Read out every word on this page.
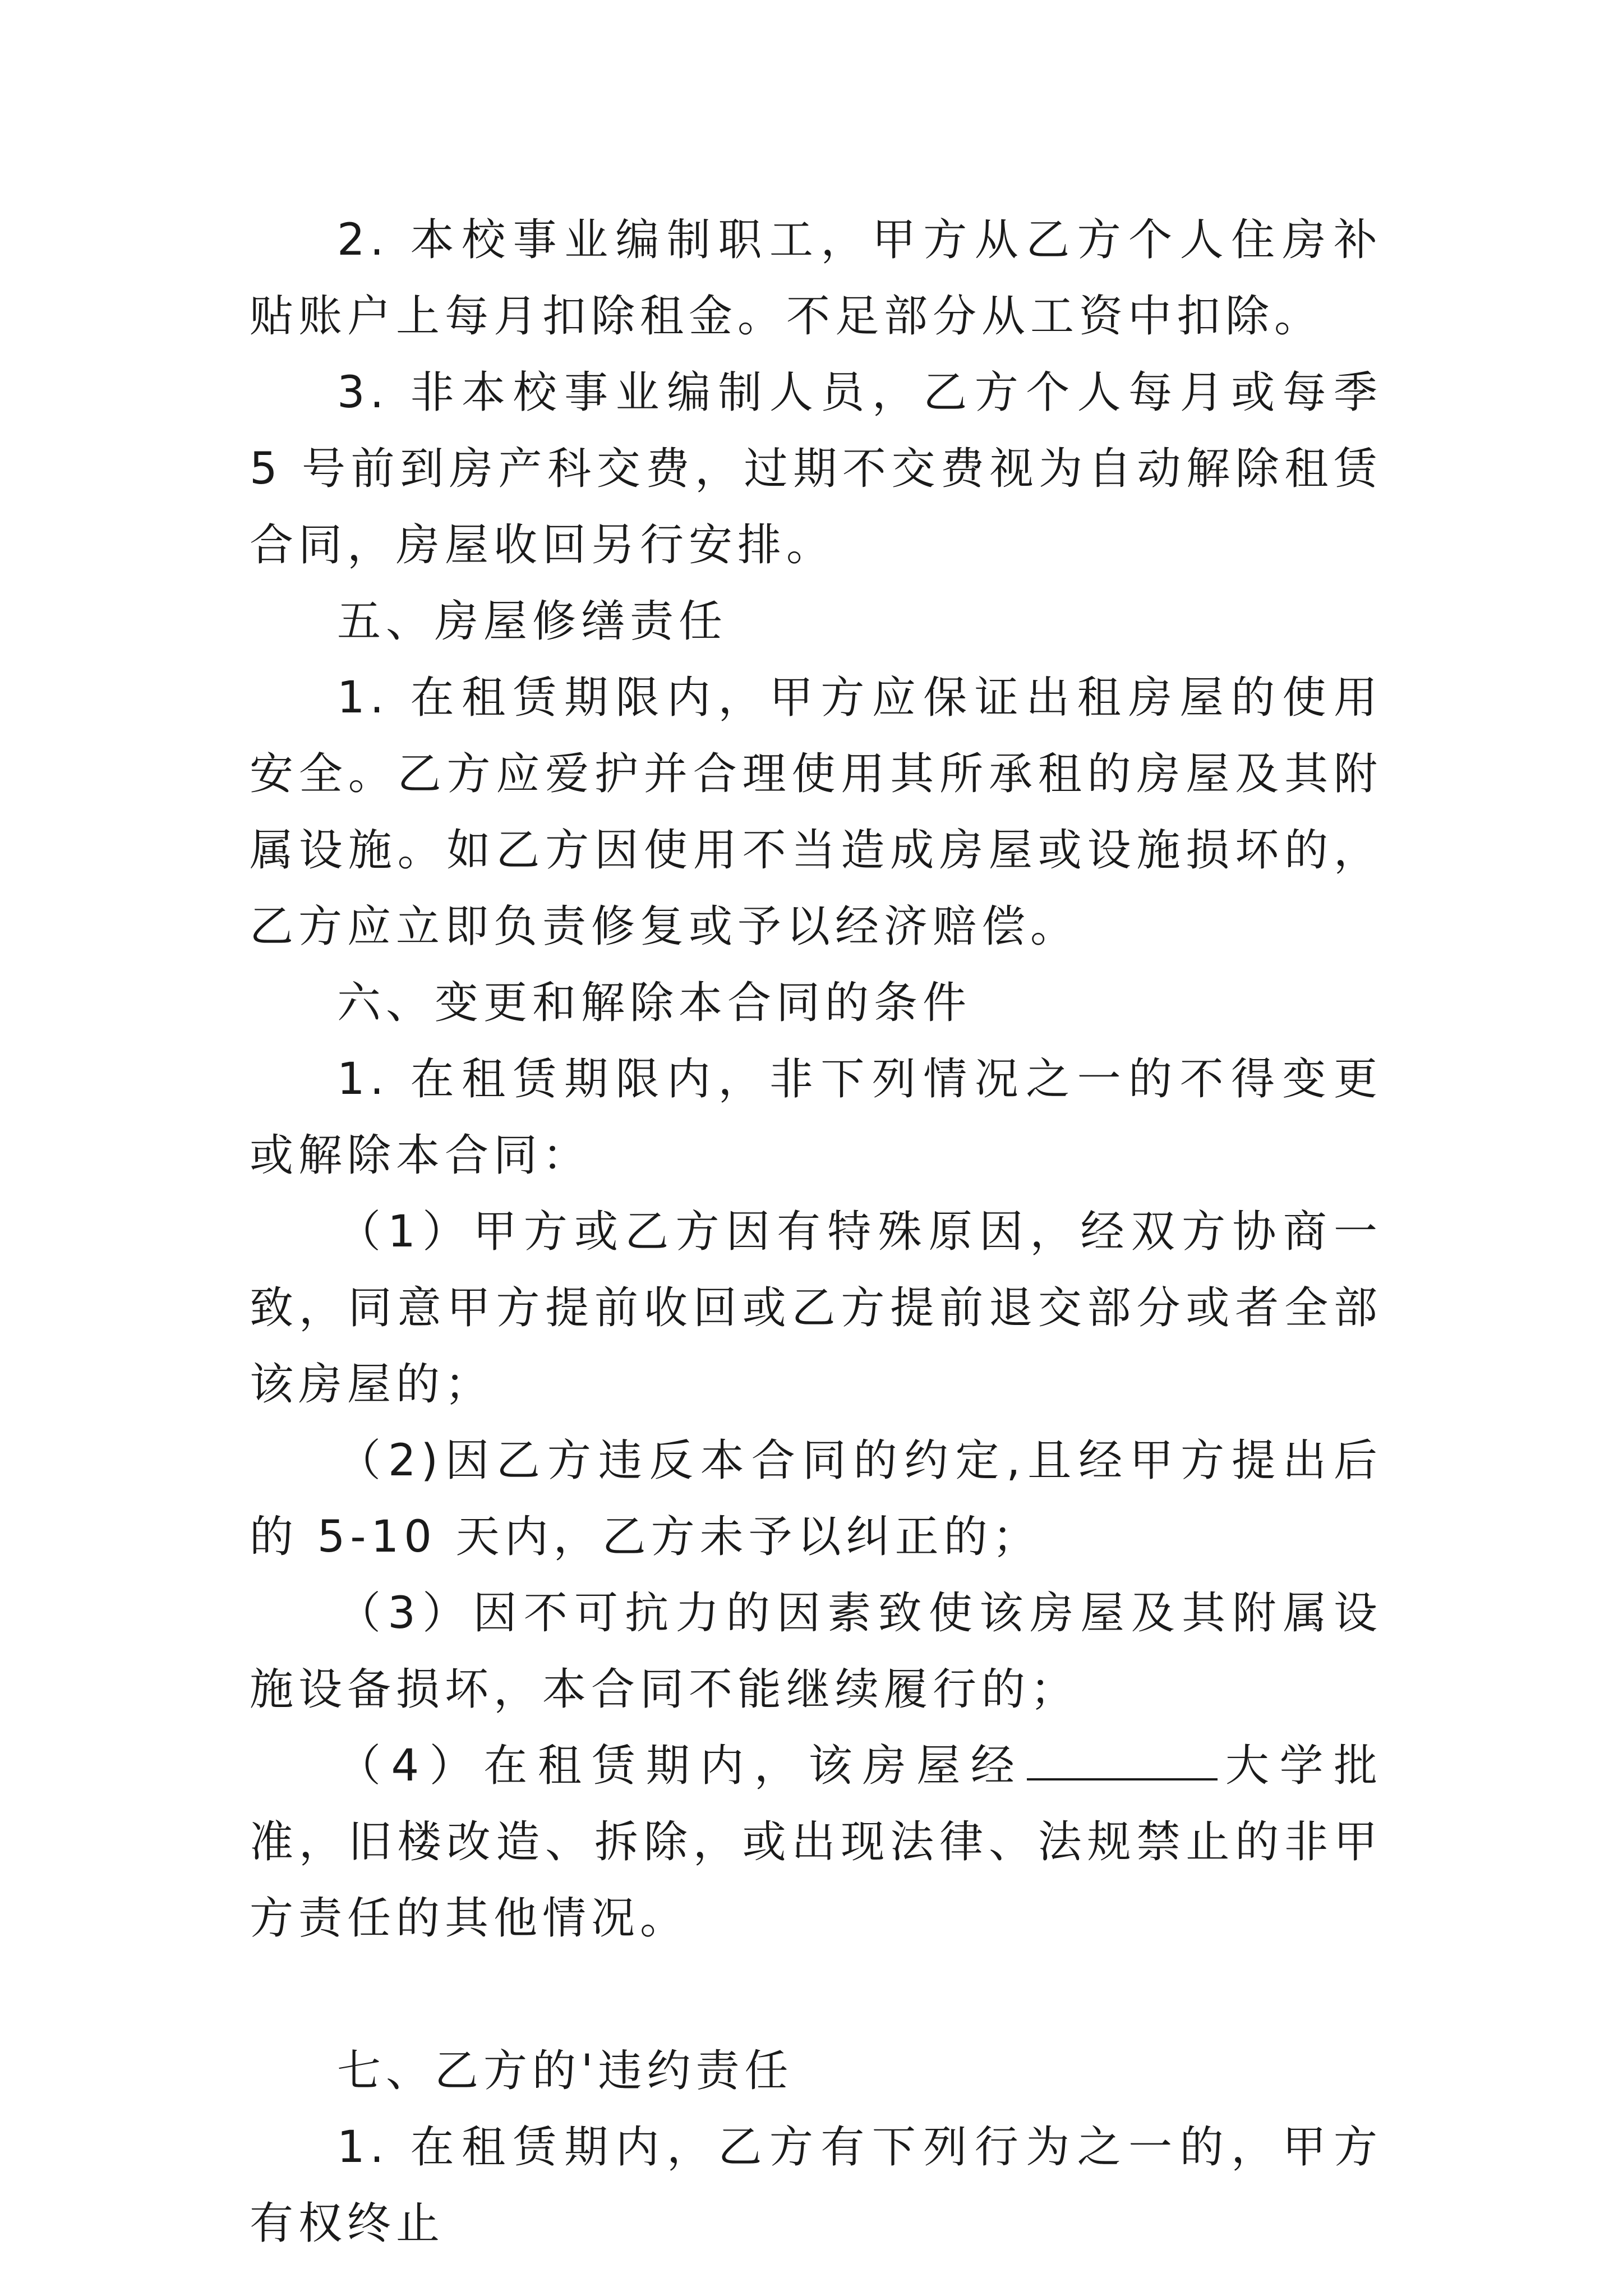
2. 本校事业编制职工，甲方从乙方个人住房补贴账户上每月扣除租金。不足部分从工资中扣除。

3. 非本校事业编制人员，乙方个人每月或每季 5 号前到房产科交费，过期不交费视为自动解除租赁合同，房屋收回另行安排。

五、房屋修缮责任

1. 在租赁期限内，甲方应保证出租房屋的使用安全。乙方应爱护并合理使用其所承租的房屋及其附属设施。如乙方因使用不当造成房屋或设施损坏的，乙方应立即负责修复或予以经济赔偿。

六、变更和解除本合同的条件

1. 在租赁期限内，非下列情况之一的不得变更或解除本合同：

（1）甲方或乙方因有特殊原因，经双方协商一致，同意甲方提前收回或乙方提前退交部分或者全部该房屋的；

（2)因乙方违反本合同的约定,且经甲方提出后的 5-10 天内，乙方未予以纠正的；

（3）因不可抗力的因素致使该房屋及其附属设施设备损坏，本合同不能继续履行的；

（4）在租赁期内，该房屋经	大学批准，旧楼改造、拆除，或出现法律、法规禁止的非甲方责任的其他情况。

七、乙方的'违约责任

1. 在租赁期内，乙方有下列行为之一的，甲方有权终止
